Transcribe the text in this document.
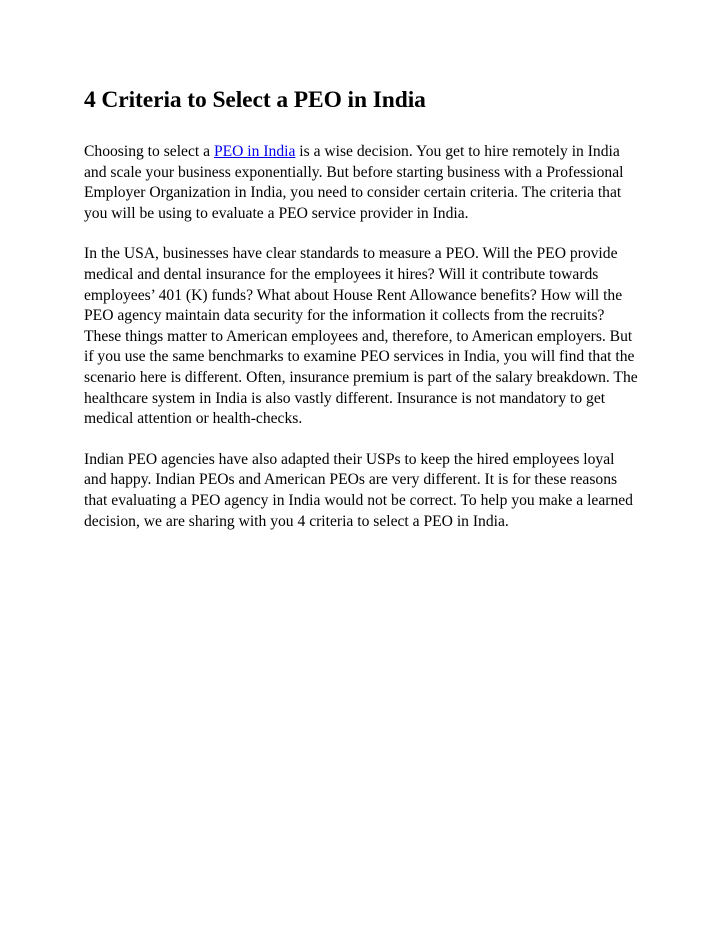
4 Criteria to Select a PEO in India

Choosing to select a PEO in India is a wise decision. You get to hire remotely in India and scale your business exponentially. But before starting business with a Professional Employer Organization in India, you need to consider certain criteria. The criteria that you will be using to evaluate a PEO service provider in India.

In the USA, businesses have clear standards to measure a PEO. Will the PEO provide medical and dental insurance for the employees it hires? Will it contribute towards employees’ 401 (K) funds? What about House Rent Allowance benefits? How will the PEO agency maintain data security for the information it collects from the recruits? These things matter to American employees and, therefore, to American employers. But if you use the same benchmarks to examine PEO services in India, you will find that the scenario here is different. Often, insurance premium is part of the salary breakdown. The healthcare system in India is also vastly different. Insurance is not mandatory to get medical attention or health-checks.

Indian PEO agencies have also adapted their USPs to keep the hired employees loyal and happy. Indian PEOs and American PEOs are very different. It is for these reasons that evaluating a PEO agency in India would not be correct. To help you make a learned decision, we are sharing with you 4 criteria to select a PEO in India.
